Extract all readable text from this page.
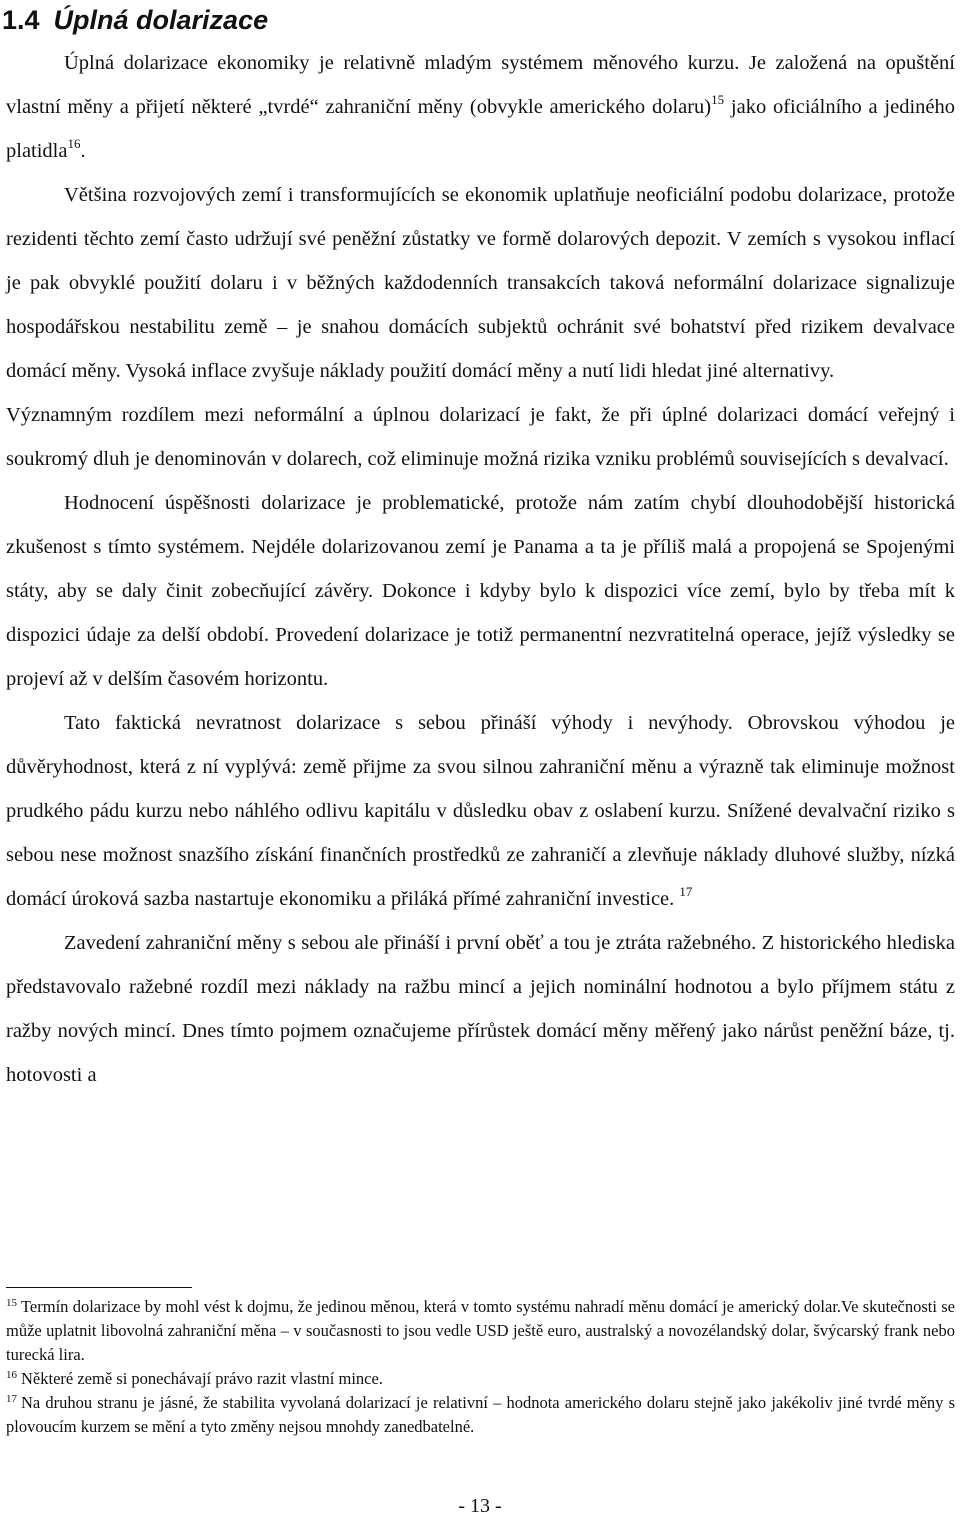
1.4 Úplná dolarizace

Úplná dolarizace ekonomiky je relativně mladým systémem měnového kurzu. Je založená na opuštění vlastní měny a přijetí některé „tvrdé“ zahraniční měny (obvykle amerického dolaru)$^{15}$ jako oficiálního a jediného platidla$^{16}$.

Většina rozvojových zemí i transformujících se ekonomik uplatňuje neoficiální podobu dolarizace, protože rezidenti těchto zemí často udržují své peněžní zůstatky ve formě dolarových depozit. V zemích s vysokou inflací je pak obvyklé použití dolaru i v běžných každodenních transakcích taková neformální dolarizace signalizuje hospodářskou nestabilitu země – je snahou domácích subjektů ochránit své bohatství před rizikem devalvace domácí měny. Vysoká inflace zvyšuje náklady použití domácí měny a nutí lidi hledat jiné alternativy.

Významným rozdílem mezi neformální a úplnou dolarizací je fakt, že při úplné dolarizaci domácí veřejný i soukromý dluh je denominován v dolarech, což eliminuje možná rizika vzniku problémů souvisejících s devalvací.

Hodnocení úspěšnosti dolarizace je problematické, protože nám zatím chybí dlouhodobější historická zkušenost s tímto systémem. Nejdéle dolarizovanou zemí je Panama a ta je příliš malá a propojená se Spojenými státy, aby se daly činit zobecňující závěry. Dokonce i kdyby bylo k dispozici více zemí, bylo by třeba mít k dispozici údaje za delší období. Provedení dolarizace je totiž permanentní nezvratitelná operace, jejíž výsledky se projeví až v delším časovém horizontu.

Tato faktická nevratnost dolarizace s sebou přináší výhody i nevýhody. Obrovskou výhodou je důvěryhodnost, která z ní vyplývá: země přijme za svou silnou zahraniční měnu a výrazně tak eliminuje možnost prudkého pádu kurzu nebo náhlého odlivu kapitálu v důsledku obav z oslabení kurzu. Snížené devalvační riziko s sebou nese možnost snazšího získání finančních prostředků ze zahraničí a zlevňuje náklady dluhové služby, nízká domácí úroková sazba nastartuje ekonomiku a přiláká přímé zahraniční investice. $^{17}$

Zavedení zahraniční měny s sebou ale přináší i první oběť a tou je ztráta ražebného. Z historického hlediska představovalo ražebné rozdíl mezi náklady na ražbu mincí a jejich nominální hodnotou a bylo příjmem státu z ražby nových mincí. Dnes tímto pojmem označujeme přírůstek domácí měny měřený jako nárůst peněžní báze, tj. hotovosti a

$^{15}$ Termín dolarizace by mohl vést k dojmu, že jedinou měnou, která v tomto systému nahradí měnu domácí je americký dolar.Ve skutečnosti se může uplatnit libovolná zahraniční měna – v současnosti to jsou vedle USD ještě euro, australský a novozélandský dolar, švýcarský frank nebo turecká lira.

$^{16}$ Některé země si ponechávají právo razit vlastní mince.

$^{17}$ Na druhou stranu je jásné, že stabilita vyvolaná dolarizací je relativní – hodnota amerického dolaru stejně jako jakékoliv jiné tvrdé měny s plovoucím kurzem se mění a tyto změny nejsou mnohdy zanedbatelné.

- 13 -
